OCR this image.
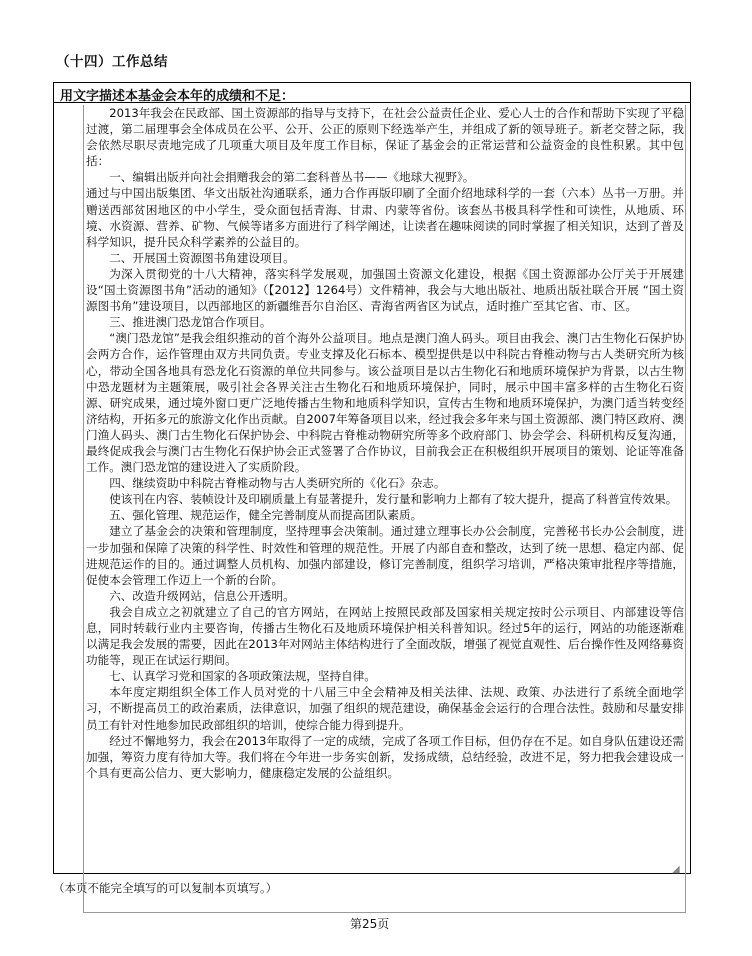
（十四）工作总结
用文字描述本基金会本年的成绩和不足：

2013年我会在民政部、国土资源部的指导与支持下，在社会公益责任企业、爱心人士的合作和帮助下实现了平稳过渡，第二届理事会全体成员在公平、公开、公正的原则下经选举产生，并组成了新的领导班子。新老交替之际，我会依然尽职尽责地完成了几项重大项目及年度工作目标，保证了基金会的正常运营和公益资金的良性积累。其中包括：

一、编辑出版并向社会捐赠我会的第二套科普丛书——《地球大视野》。

通过与中国出版集团、华文出版社沟通联系，通力合作再版印刷了全面介绍地球科学的一套（六本）丛书一万册。并赠送西部贫困地区的中小学生，受众面包括青海、甘肃、内蒙等省份。该套丛书极具科学性和可读性，从地质、环境、水资源、营养、矿物、气候等诸多方面进行了科学阐述，让读者在趣味阅读的同时掌握了相关知识，达到了普及科学知识，提升民众科学素养的公益目的。

二、开展国土资源图书角建设项目。

为深入贯彻党的十八大精神，落实科学发展观，加强国土资源文化建设，根据《国土资源部办公厅关于开展建设“国土资源图书角”活动的通知》（【2012】1264号）文件精神，我会与大地出版社、地质出版社联合开展 “国土资源图书角”建设项目，以西部地区的新疆维吾尔自治区、青海省两省区为试点，适时推广至其它省、市、区。

三、推进澳门恐龙馆合作项目。

“澳门恐龙馆”是我会组织推动的首个海外公益项目。地点是澳门渔人码头。项目由我会、澳门古生物化石保护协会两方合作，运作管理由双方共同负责。专业支撑及化石标本、模型提供是以中科院古脊椎动物与古人类研究所为核心，带动全国各地具有恐龙化石资源的单位共同参与。该公益项目是以古生物化石和地质环境保护为背景，以古生物中恐龙题材为主题策展，吸引社会各界关注古生物化石和地质环境保护，同时，展示中国丰富多样的古生物化石资源、研究成果，通过境外窗口更广泛地传播古生物和地质科学知识，宣传古生物和地质环境保护，为澳门适当转变经济结构，开拓多元的旅游文化作出贡献。自2007年筹备项目以来，经过我会多年来与国土资源部、澳门特区政府、澳门渔人码头、澳门古生物化石保护协会、中科院古脊椎动物研究所等多个政府部门、协会学会、科研机构反复沟通，最终促成我会与澳门古生物化石保护协会正式签署了合作协议，目前我会正在积极组织开展项目的策划、论证等准备工作。澳门恐龙馆的建设进入了实质阶段。

四、继续资助中科院古脊椎动物与古人类研究所的《化石》杂志。

使该刊在内容、装帧设计及印刷质量上有显著提升，发行量和影响力上都有了较大提升，提高了科普宣传效果。

五、强化管理、规范运作，健全完善制度从而提高团队素质。

建立了基金会的决策和管理制度，坚持理事会决策制。通过建立理事长办公会制度，完善秘书长办公会制度，进一步加强和保障了决策的科学性、时效性和管理的规范性。开展了内部自查和整改，达到了统一思想、稳定内部、促进规范运作的目的。通过调整人员机构、加强内部建设，修订完善制度，组织学习培训，严格决策审批程序等措施，促使本会管理工作迈上一个新的台阶。

六、改造升级网站，信息公开透明。

我会自成立之初就建立了自己的官方网站，在网站上按照民政部及国家相关规定按时公示项目、内部建设等信息，同时转载行业内主要咨询，传播古生物化石及地质环境保护相关科普知识。经过5年的运行，网站的功能逐渐难以满足我会发展的需要，因此在2013年对网站主体结构进行了全面改版，增强了视觉直观性、后台操作性及网络募资功能等，现正在试运行期间。

七、认真学习党和国家的各项政策法规，坚持自律。

本年度定期组织全体工作人员对党的十八届三中全会精神及相关法律、法规、政策、办法进行了系统全面地学习，不断提高员工的政治素质，法律意识，加强了组织的规范建设，确保基金会运行的合理合法性。鼓励和尽量安排员工有针对性地参加民政部组织的培训，使综合能力得到提升。

经过不懈地努力，我会在2013年取得了一定的成绩，完成了各项工作目标，但仍存在不足。如自身队伍建设还需加强，筹资力度有待加大等。我们将在今年进一步务实创新，发扬成绩，总结经验，改进不足，努力把我会建设成一个具有更高公信力、更大影响力，健康稳定发展的公益组织。

◢
（本页不能完全填写的可以复制本页填写。）
第25页
